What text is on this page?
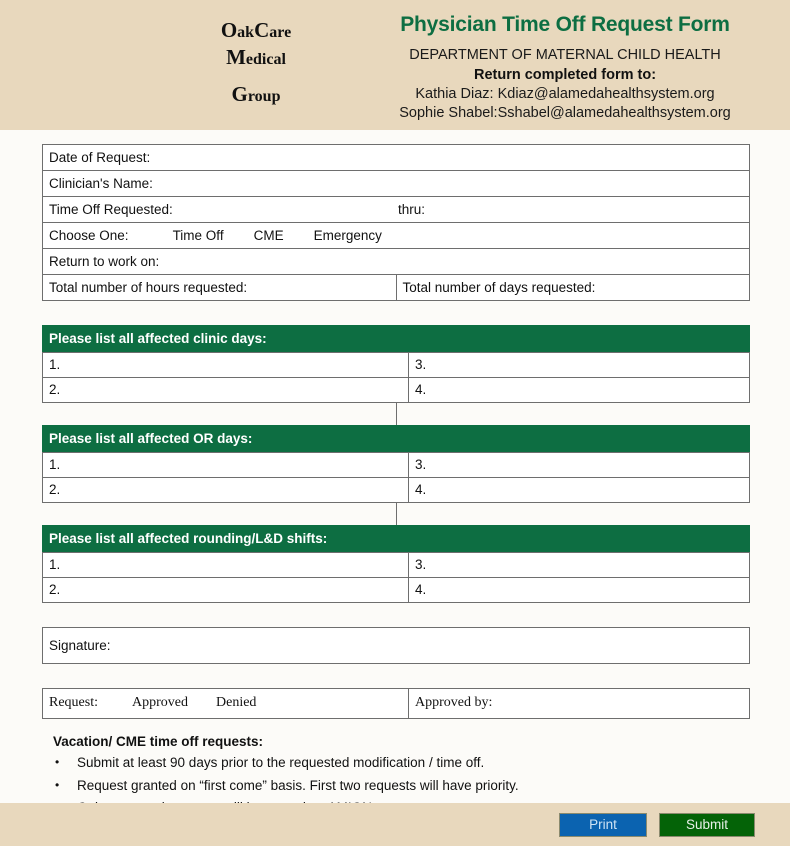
OakCare
Medical
Group
Physician Time Off Request Form
DEPARTMENT OF MATERNAL CHILD HEALTH
Return completed form to:
Kathia Diaz: Kdiaz@alamedahealthsystem.org
Sophie Shabel:Sshabel@alamedahealthsystem.org
Date of Request:
Clinician's Name:
Time Off Requested:	thru:

Choose One:	Time Off CME Emergency
Return to work on:
Total number of hours requested:	Total number of days requested:
Please list all affected clinic days:	
1.	3.
2.	4.
Please list all affected OR days:	
1.	3.
2.	4.
Please list all affected rounding/L&D shifts:	
1.	3.
2.	4.
Signature:
Request: Approved Denied	Approved by:
Vacation/ CME time off requests:
•	Submit at least 90 days prior to the requested modification / time off.
•	Request granted on “first come” basis. First two requests will have priority.
Print	Submit
